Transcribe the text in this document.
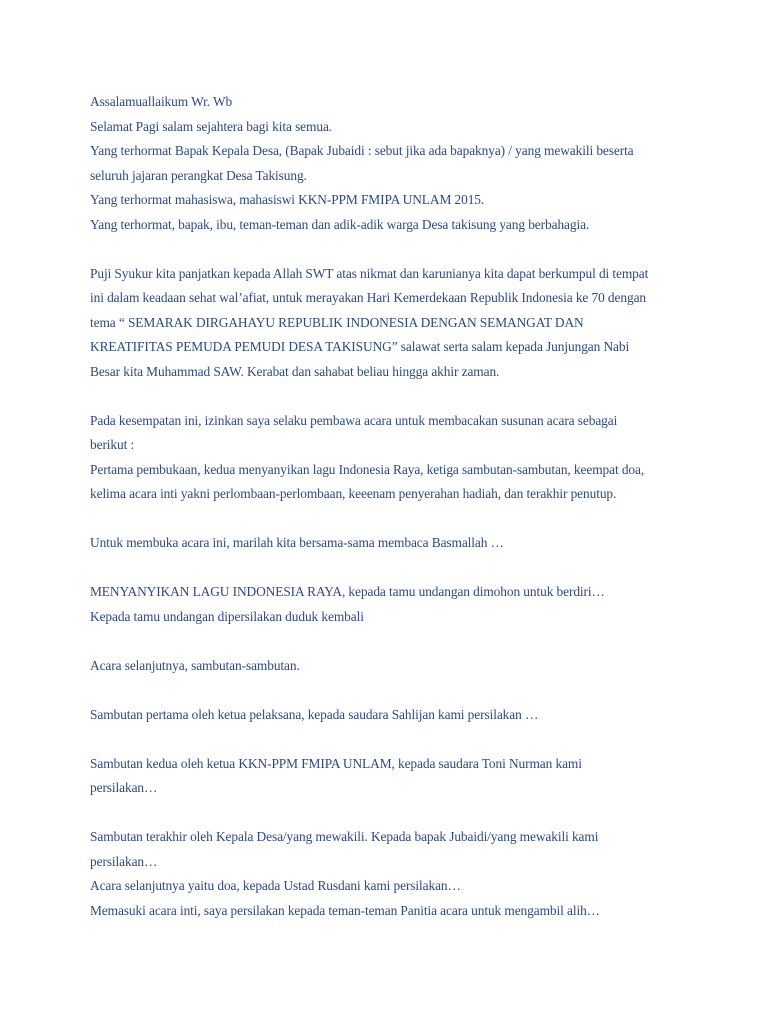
Assalamuallaikum Wr. Wb
Selamat Pagi salam sejahtera bagi kita semua.
Yang terhormat Bapak Kepala Desa, (Bapak Jubaidi : sebut jika ada bapaknya) / yang mewakili beserta
seluruh jajaran perangkat Desa Takisung.
Yang terhormat mahasiswa, mahasiswi KKN-PPM FMIPA UNLAM 2015.
Yang terhormat, bapak, ibu, teman-teman dan adik-adik warga Desa takisung yang berbahagia.

Puji Syukur kita panjatkan kepada Allah SWT atas nikmat dan karunianya kita dapat berkumpul di tempat
ini dalam keadaan sehat wal’afiat, untuk merayakan Hari Kemerdekaan Republik Indonesia ke 70 dengan
tema “ SEMARAK DIRGAHAYU REPUBLIK INDONESIA DENGAN SEMANGAT DAN
KREATIFITAS PEMUDA PEMUDI DESA TAKISUNG” salawat serta salam kepada Junjungan Nabi
Besar kita Muhammad SAW. Kerabat dan sahabat beliau hingga akhir zaman.

Pada kesempatan ini, izinkan saya selaku pembawa acara untuk membacakan susunan acara sebagai
berikut :
Pertama pembukaan, kedua menyanyikan lagu Indonesia Raya, ketiga sambutan-sambutan, keempat doa,
kelima acara inti yakni perlombaan-perlombaan, keeenam penyerahan hadiah, dan terakhir penutup.

Untuk membuka acara ini, marilah kita bersama-sama membaca Basmallah …

MENYANYIKAN LAGU INDONESIA RAYA, kepada tamu undangan dimohon untuk berdiri…
Kepada tamu undangan dipersilakan duduk kembali

Acara selanjutnya, sambutan-sambutan.

Sambutan pertama oleh ketua pelaksana, kepada saudara Sahlijan kami persilakan …

Sambutan kedua oleh ketua KKN-PPM FMIPA UNLAM, kepada saudara Toni Nurman kami
persilakan…

Sambutan terakhir oleh Kepala Desa/yang mewakili. Kepada bapak Jubaidi/yang mewakili kami
persilakan…
Acara selanjutnya yaitu doa, kepada Ustad Rusdani kami persilakan…
Memasuki acara inti, saya persilakan kepada teman-teman Panitia acara untuk mengambil alih…
